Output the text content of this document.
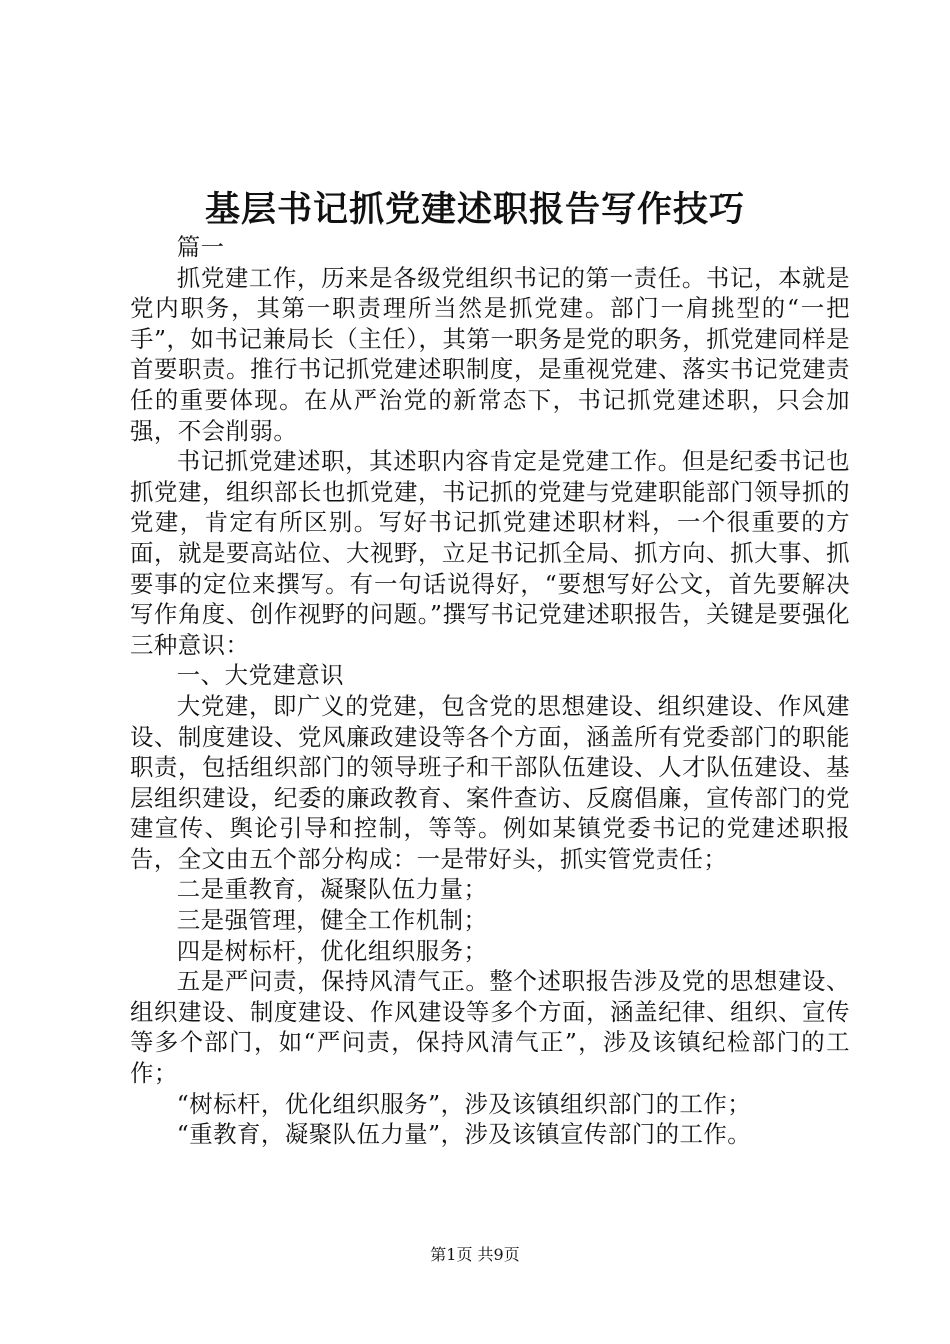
基层书记抓党建述职报告写作技巧

篇一

抓党建工作，历来是各级党组织书记的第一责任。书记，本就是党内职务，其第一职责理所当然是抓党建。部门一肩挑型的“一把手”，如书记兼局长（主任），其第一职务是党的职务，抓党建同样是首要职责。推行书记抓党建述职制度，是重视党建、落实书记党建责任的重要体现。在从严治党的新常态下，书记抓党建述职，只会加强，不会削弱。

书记抓党建述职，其述职内容肯定是党建工作。但是纪委书记也抓党建，组织部长也抓党建，书记抓的党建与党建职能部门领导抓的党建，肯定有所区别。写好书记抓党建述职材料，一个很重要的方面，就是要高站位、大视野，立足书记抓全局、抓方向、抓大事、抓要事的定位来撰写。有一句话说得好，“要想写好公文，首先要解决写作角度、创作视野的问题。”撰写书记党建述职报告，关键是要强化三种意识：

一、大党建意识

大党建，即广义的党建，包含党的思想建设、组织建设、作风建设、制度建设、党风廉政建设等各个方面，涵盖所有党委部门的职能职责，包括组织部门的领导班子和干部队伍建设、人才队伍建设、基层组织建设，纪委的廉政教育、案件查访、反腐倡廉，宣传部门的党建宣传、舆论引导和控制，等等。例如某镇党委书记的党建述职报告，全文由五个部分构成：一是带好头，抓实管党责任；

二是重教育，凝聚队伍力量；

三是强管理，健全工作机制；

四是树标杆，优化组织服务；

五是严问责，保持风清气正。整个述职报告涉及党的思想建设、组织建设、制度建设、作风建设等多个方面，涵盖纪律、组织、宣传等多个部门，如“严问责，保持风清气正”，涉及该镇纪检部门的工作；

“树标杆，优化组织服务”，涉及该镇组织部门的工作；

“重教育，凝聚队伍力量”，涉及该镇宣传部门的工作。

第1页 共9页
